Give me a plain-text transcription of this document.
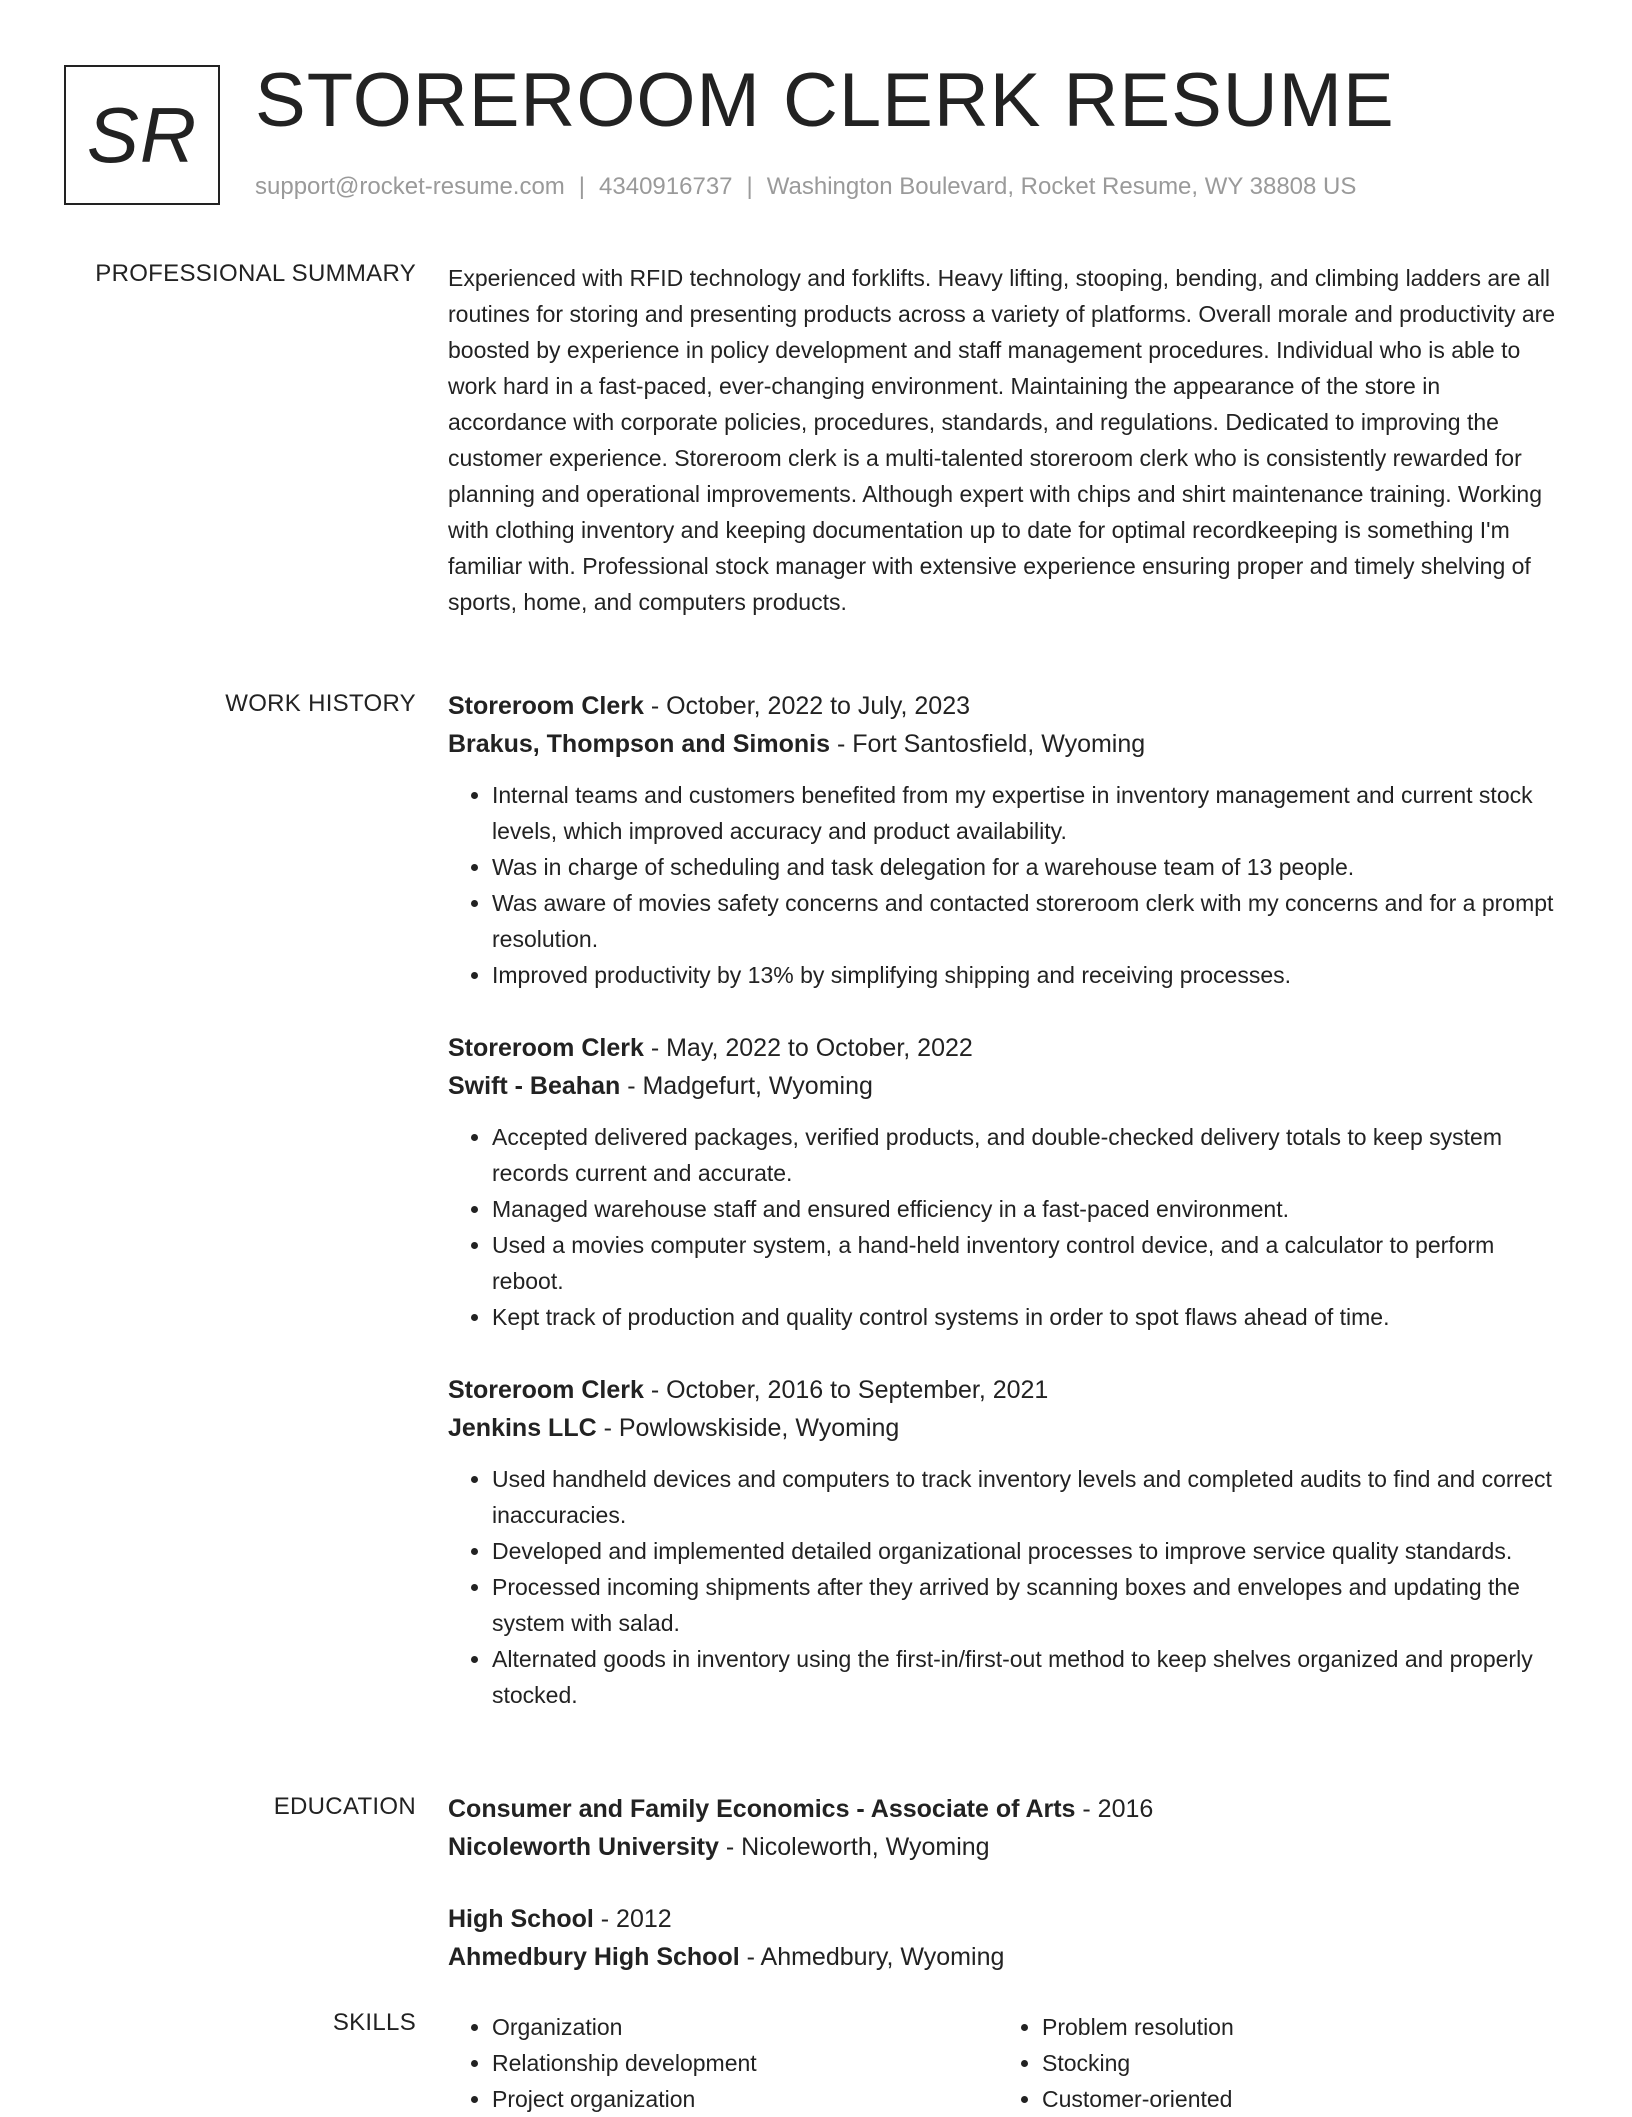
SR STOREROOM CLERK RESUME
support@rocket-resume.com | 4340916737 | Washington Boulevard, Rocket Resume, WY 38808 US
PROFESSIONAL SUMMARY Experienced with RFID technology and forklifts. Heavy lifting, stooping, bending, and climbing ladders are all routines for storing and presenting products across a variety of platforms. Overall morale and productivity are boosted by experience in policy development and staff management procedures. Individual who is able to work hard in a fast-paced, ever-changing environment. Maintaining the appearance of the store in accordance with corporate policies, procedures, standards, and regulations. Dedicated to improving the customer experience. Storeroom clerk is a multi-talented storeroom clerk who is consistently rewarded for planning and operational improvements. Although expert with chips and shirt maintenance training. Working with clothing inventory and keeping documentation up to date for optimal recordkeeping is something I'm familiar with. Professional stock manager with extensive experience ensuring proper and timely shelving of sports, home, and computers products.

WORK HISTORY Storeroom Clerk - October, 2022 to July, 2023
Brakus, Thompson and Simonis - Fort Santosfield, Wyoming
• Internal teams and customers benefited from my expertise in inventory management and current stock levels, which improved accuracy and product availability.
• Was in charge of scheduling and task delegation for a warehouse team of 13 people.
• Was aware of movies safety concerns and contacted storeroom clerk with my concerns and for a prompt resolution.
• Improved productivity by 13% by simplifying shipping and receiving processes.
Storeroom Clerk - May, 2022 to October, 2022
Swift - Beahan - Madgefurt, Wyoming
• Accepted delivered packages, verified products, and double-checked delivery totals to keep system records current and accurate.
• Managed warehouse staff and ensured efficiency in a fast-paced environment.
• Used a movies computer system, a hand-held inventory control device, and a calculator to perform reboot.
• Kept track of production and quality control systems in order to spot flaws ahead of time.
Storeroom Clerk - October, 2016 to September, 2021
Jenkins LLC - Powlowskiside, Wyoming
• Used handheld devices and computers to track inventory levels and completed audits to find and correct inaccuracies.
• Developed and implemented detailed organizational processes to improve service quality standards.
• Processed incoming shipments after they arrived by scanning boxes and envelopes and updating the system with salad.
• Alternated goods in inventory using the first-in/first-out method to keep shelves organized and properly stocked.
EDUCATION Consumer and Family Economics - Associate of Arts - 2016
Nicoleworth University - Nicoleworth, Wyoming
High School - 2012
Ahmedbury High School - Ahmedbury, Wyoming
SKILLS
•	Organization
• Relationship development
• Project organization
• Problem resolution
• Stocking
• Customer-oriented
